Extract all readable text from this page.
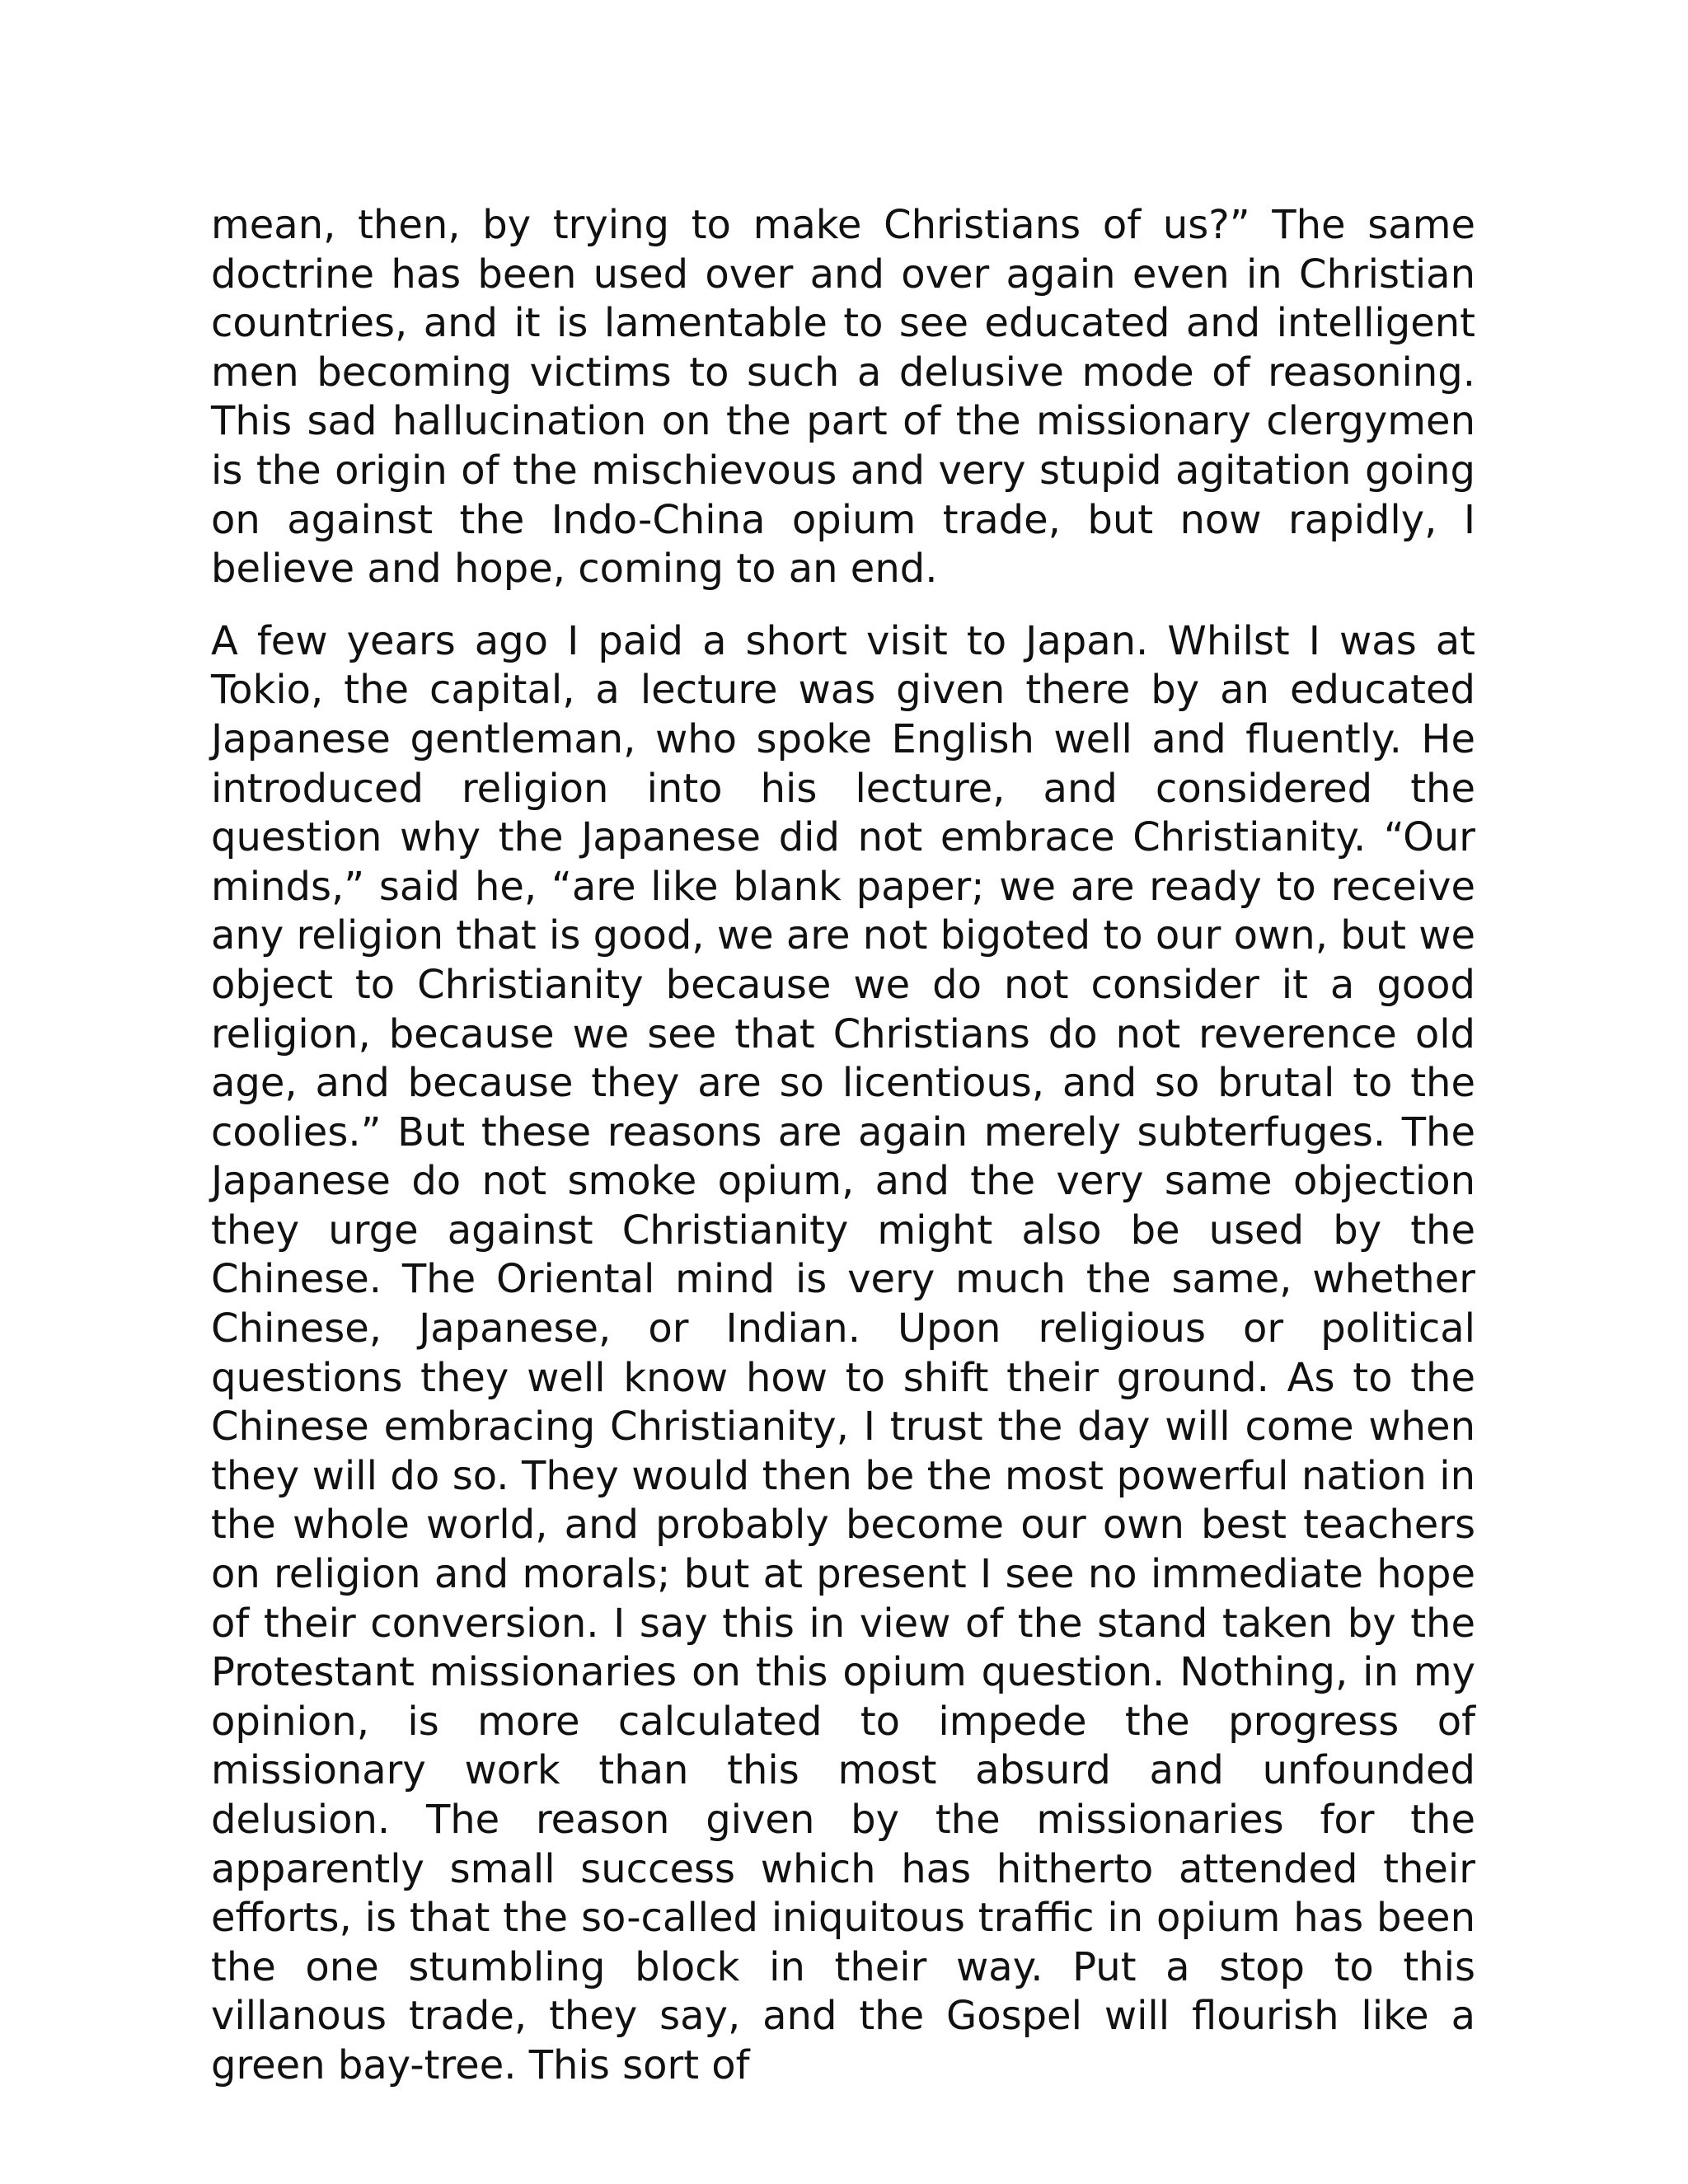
mean, then, by trying to make Christians of us?” The same doctrine has been used over and over again even in Christian countries, and it is lamentable to see educated and intelligent men becoming victims to such a delusive mode of reasoning. This sad hallucination on the part of the missionary clergymen is the origin of the mischievous and very stupid agitation going on against the Indo-China opium trade, but now rapidly, I believe and hope, coming to an end.

A few years ago I paid a short visit to Japan. Whilst I was at Tokio, the capital, a lecture was given there by an educated Japanese gentleman, who spoke English well and fluently. He introduced religion into his lecture, and considered the question why the Japanese did not embrace Christianity. “Our minds,” said he, “are like blank paper; we are ready to receive any religion that is good, we are not bigoted to our own, but we object to Christianity because we do not consider it a good religion, because we see that Christians do not reverence old age, and because they are so licentious, and so brutal to the coolies.” But these reasons are again merely subterfuges. The Japanese do not smoke opium, and the very same objection they urge against Christianity might also be used by the Chinese. The Oriental mind is very much the same, whether Chinese, Japanese, or Indian. Upon religious or political questions they well know how to shift their ground. As to the Chinese embracing Christianity, I trust the day will come when they will do so. They would then be the most powerful nation in the whole world, and probably become our own best teachers on religion and morals; but at present I see no immediate hope of their conversion. I say this in view of the stand taken by the Protestant missionaries on this opium question. Nothing, in my opinion, is more calculated to impede the progress of missionary work than this most absurd and unfounded delusion. The reason given by the missionaries for the apparently small success which has hitherto attended their efforts, is that the so-called iniquitous traffic in opium has been the one stumbling block in their way. Put a stop to this villanous trade, they say, and the Gospel will flourish like a green bay-tree. This sort of
